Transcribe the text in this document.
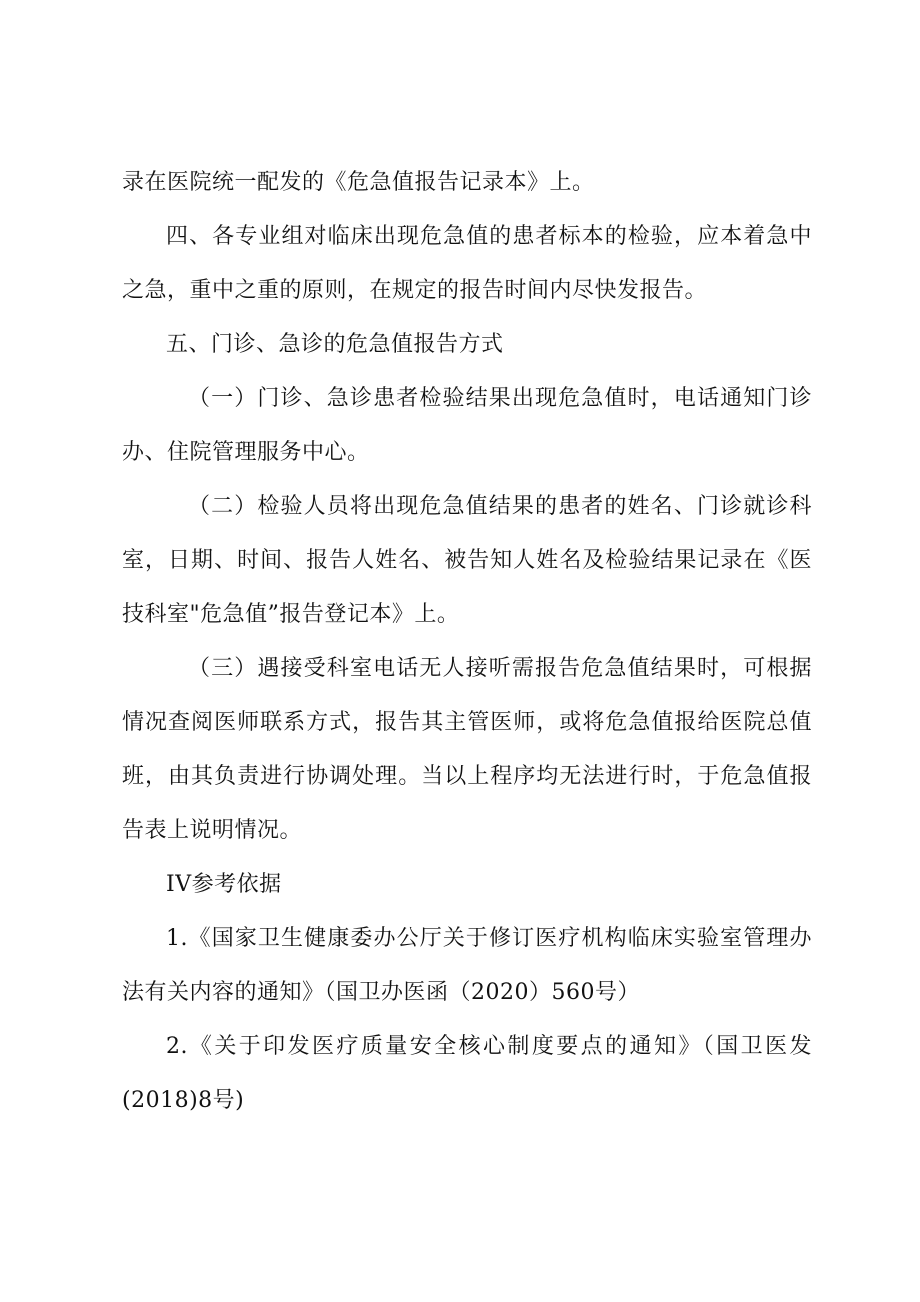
录在医院统一配发的《危急值报告记录本》上。

四、各专业组对临床出现危急值的患者标本的检验，应本着急中之急，重中之重的原则，在规定的报告时间内尽快发报告。

五、门诊、急诊的危急值报告方式

（一）门诊、急诊患者检验结果出现危急值时，电话通知门诊办、住院管理服务中心。

（二）检验人员将出现危急值结果的患者的姓名、门诊就诊科室，日期、时间、报告人姓名、被告知人姓名及检验结果记录在《医技科室"危急值”报告登记本》上。

（三）遇接受科室电话无人接听需报告危急值结果时，可根据情况查阅医师联系方式，报告其主管医师，或将危急值报给医院总值班，由其负责进行协调处理。当以上程序均无法进行时，于危急值报告表上说明情况。

IV参考依据

1.《国家卫生健康委办公厅关于修订医疗机构临床实验室管理办法有关内容的通知》（国卫办医函（2020）560号）

2.《关于印发医疗质量安全核心制度要点的通知》（国卫医发(2018)8号)
